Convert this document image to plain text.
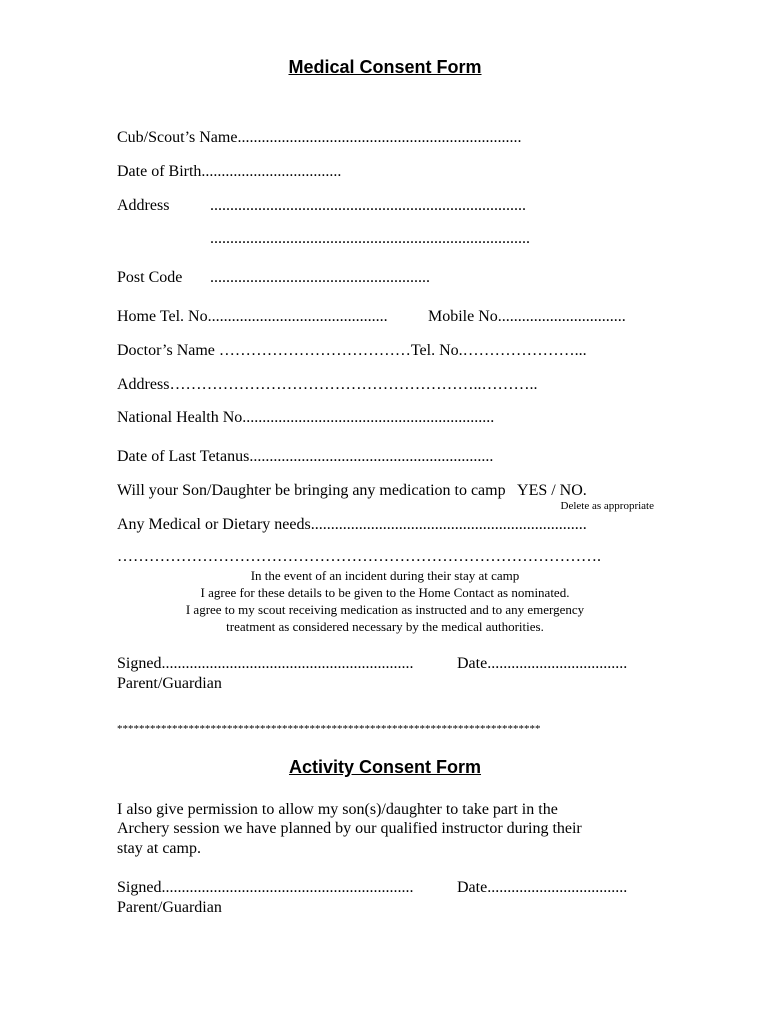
Medical Consent Form
Cub/Scout’s Name.......................................................................
Date of Birth...................................
Address	...............................................................................
................................................................................
Post Code .......................................................
Home Tel. No.............................................	Mobile No................................
Doctor’s Name ………………………………Tel. No.…………………...
Address…………………………………………………..………..
National Health No...............................................................
Date of Last Tetanus.............................................................
Will your Son/Daughter be bringing any medication to camp   YES / NO.
Delete as appropriate
Any Medical or Dietary needs.....................................................................
……………………………………………………………………………….
In the event of an incident during their stay at camp
I agree for these details to be given to the Home Contact as nominated.
I agree to my scout receiving medication as instructed and to any emergency
treatment as considered necessary by the medical authorities.
Signed...............................................................	Date...................................
Parent/Guardian
*****************************************************************************
Activity Consent Form
I also give permission to allow my son(s)/daughter to take part in the
Archery session we have planned by our qualified instructor during their
stay at camp.
Signed...............................................................	Date...................................
Parent/Guardian
